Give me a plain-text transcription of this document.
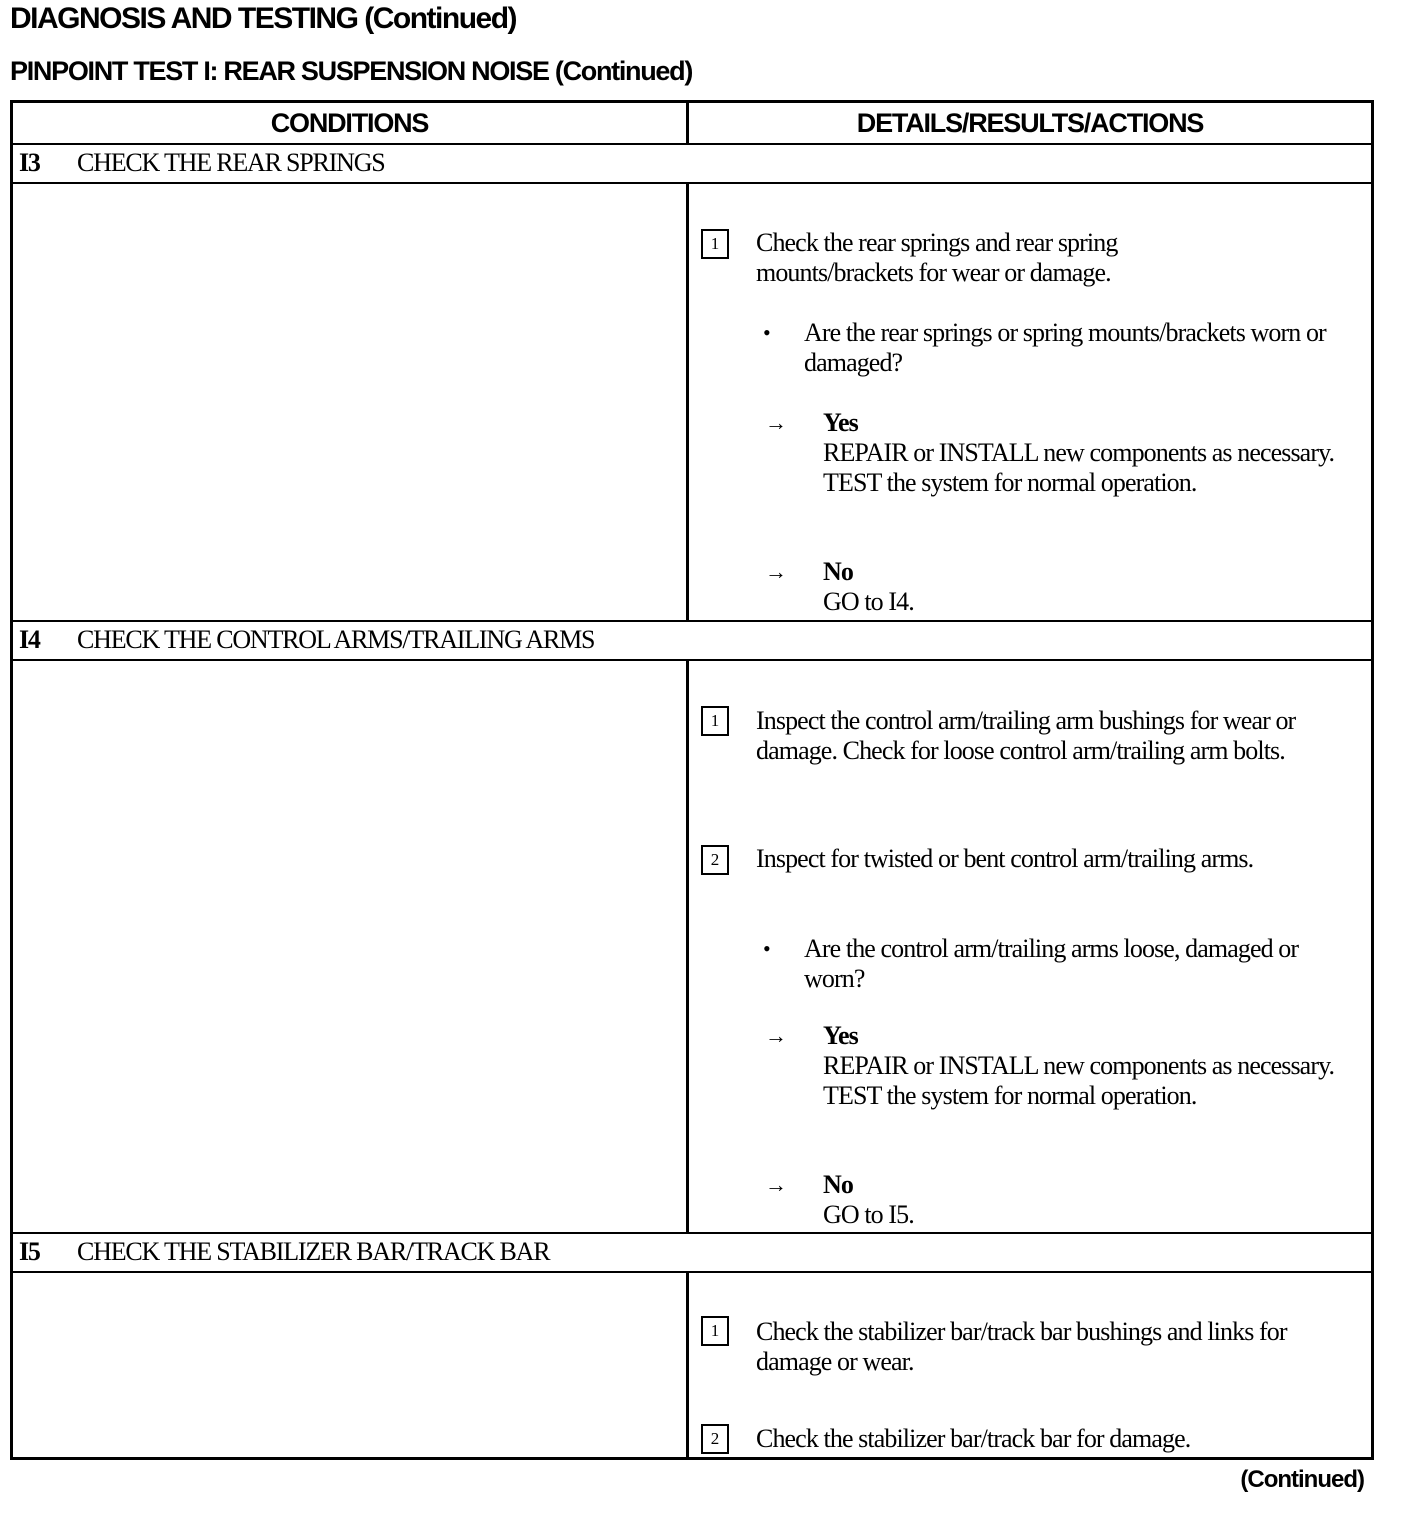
DIAGNOSIS AND TESTING (Continued)
PINPOINT TEST I: REAR SUSPENSION NOISE (Continued)
CONDITIONS	DETAILS/RESULTS/ACTIONS
I3 CHECK THE REAR SPRINGS
1	Check the rear springs and rear spring mounts/brackets for wear or damage.
• Are the rear springs or spring mounts/brackets worn or damaged?
→ Yes
REPAIR or INSTALL new components as necessary. TEST the system for normal operation.
→ No
GO to I4.
I4 CHECK THE CONTROL ARMS/TRAILING ARMS
1	Inspect the control arm/trailing arm bushings for wear or damage. Check for loose control arm/trailing arm bolts.
2	Inspect for twisted or bent control arm/trailing arms.
• Are the control arm/trailing arms loose, damaged or worn?
→ Yes
REPAIR or INSTALL new components as necessary. TEST the system for normal operation.
→ No
GO to I5.
I5 CHECK THE STABILIZER BAR/TRACK BAR
1	Check the stabilizer bar/track bar bushings and links for damage or wear.
2	Check the stabilizer bar/track bar for damage.
(Continued)
